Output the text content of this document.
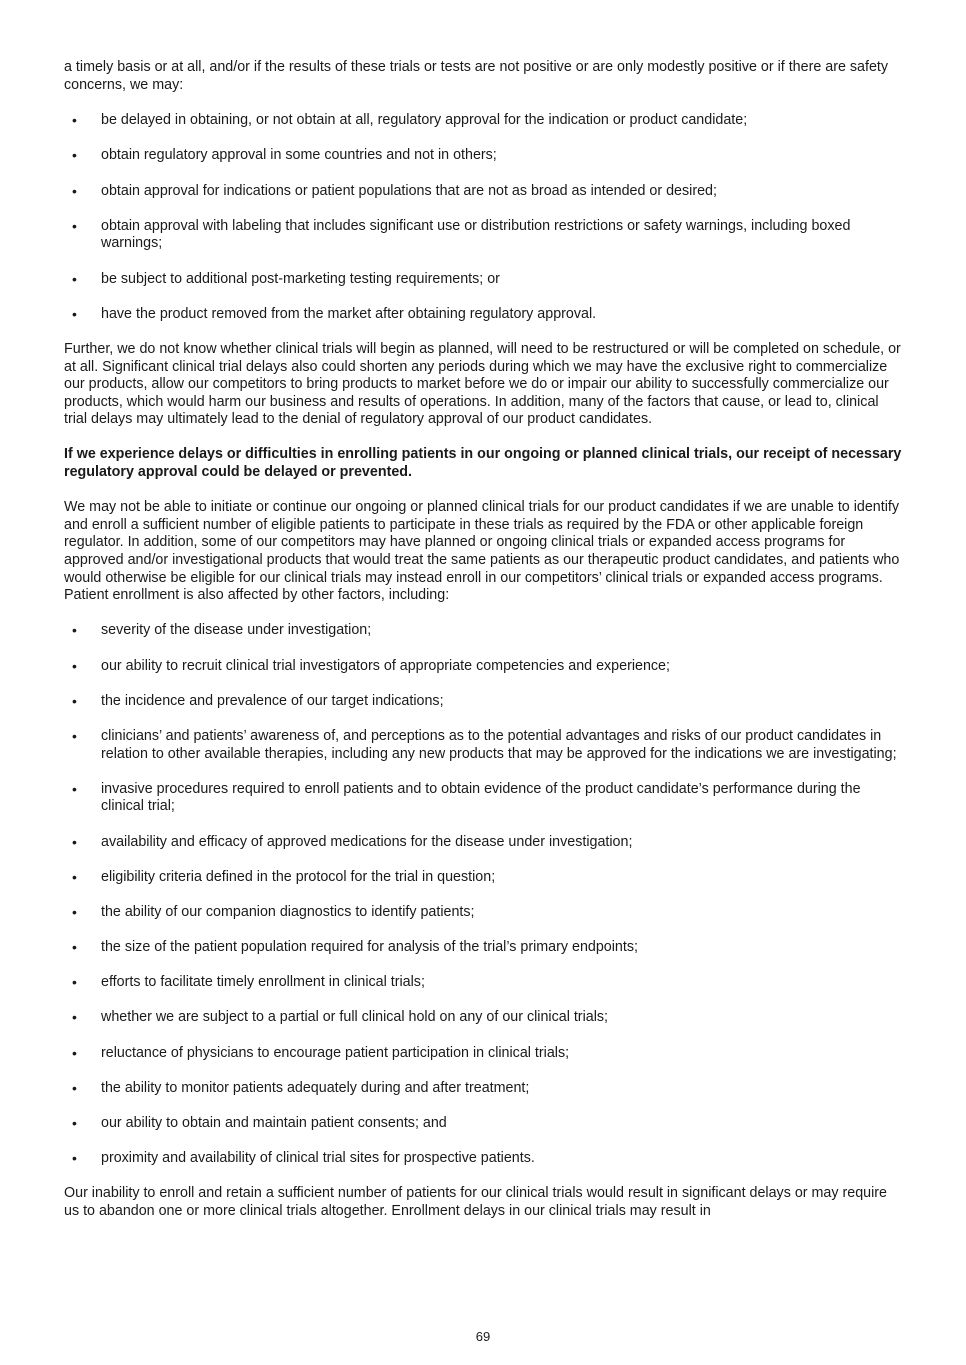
a timely basis or at all, and/or if the results of these trials or tests are not positive or are only modestly positive or if there are safety concerns, we may:

• be delayed in obtaining, or not obtain at all, regulatory approval for the indication or product candidate;
• obtain regulatory approval in some countries and not in others;
• obtain approval for indications or patient populations that are not as broad as intended or desired;
• obtain approval with labeling that includes significant use or distribution restrictions or safety warnings, including boxed warnings;
• be subject to additional post-marketing testing requirements; or
• have the product removed from the market after obtaining regulatory approval.

Further, we do not know whether clinical trials will begin as planned, will need to be restructured or will be completed on schedule, or at all. Significant clinical trial delays also could shorten any periods during which we may have the exclusive right to commercialize our products, allow our competitors to bring products to market before we do or impair our ability to successfully commercialize our products, which would harm our business and results of operations. In addition, many of the factors that cause, or lead to, clinical trial delays may ultimately lead to the denial of regulatory approval of our product candidates.

If we experience delays or difficulties in enrolling patients in our ongoing or planned clinical trials, our receipt of necessary regulatory approval could be delayed or prevented.

We may not be able to initiate or continue our ongoing or planned clinical trials for our product candidates if we are unable to identify and enroll a sufficient number of eligible patients to participate in these trials as required by the FDA or other applicable foreign regulator. In addition, some of our competitors may have planned or ongoing clinical trials or expanded access programs for approved and/or investigational products that would treat the same patients as our therapeutic product candidates, and patients who would otherwise be eligible for our clinical trials may instead enroll in our competitors’ clinical trials or expanded access programs. Patient enrollment is also affected by other factors, including:

• severity of the disease under investigation;
• our ability to recruit clinical trial investigators of appropriate competencies and experience;
• the incidence and prevalence of our target indications;
• clinicians’ and patients’ awareness of, and perceptions as to the potential advantages and risks of our product candidates in relation to other available therapies, including any new products that may be approved for the indications we are investigating;
• invasive procedures required to enroll patients and to obtain evidence of the product candidate’s performance during the clinical trial;
• availability and efficacy of approved medications for the disease under investigation;
• eligibility criteria defined in the protocol for the trial in question;
• the ability of our companion diagnostics to identify patients;
• the size of the patient population required for analysis of the trial’s primary endpoints;
• efforts to facilitate timely enrollment in clinical trials;
• whether we are subject to a partial or full clinical hold on any of our clinical trials;
• reluctance of physicians to encourage patient participation in clinical trials;
• the ability to monitor patients adequately during and after treatment;
• our ability to obtain and maintain patient consents; and
• proximity and availability of clinical trial sites for prospective patients.

Our inability to enroll and retain a sufficient number of patients for our clinical trials would result in significant delays or may require us to abandon one or more clinical trials altogether. Enrollment delays in our clinical trials may result in

69
